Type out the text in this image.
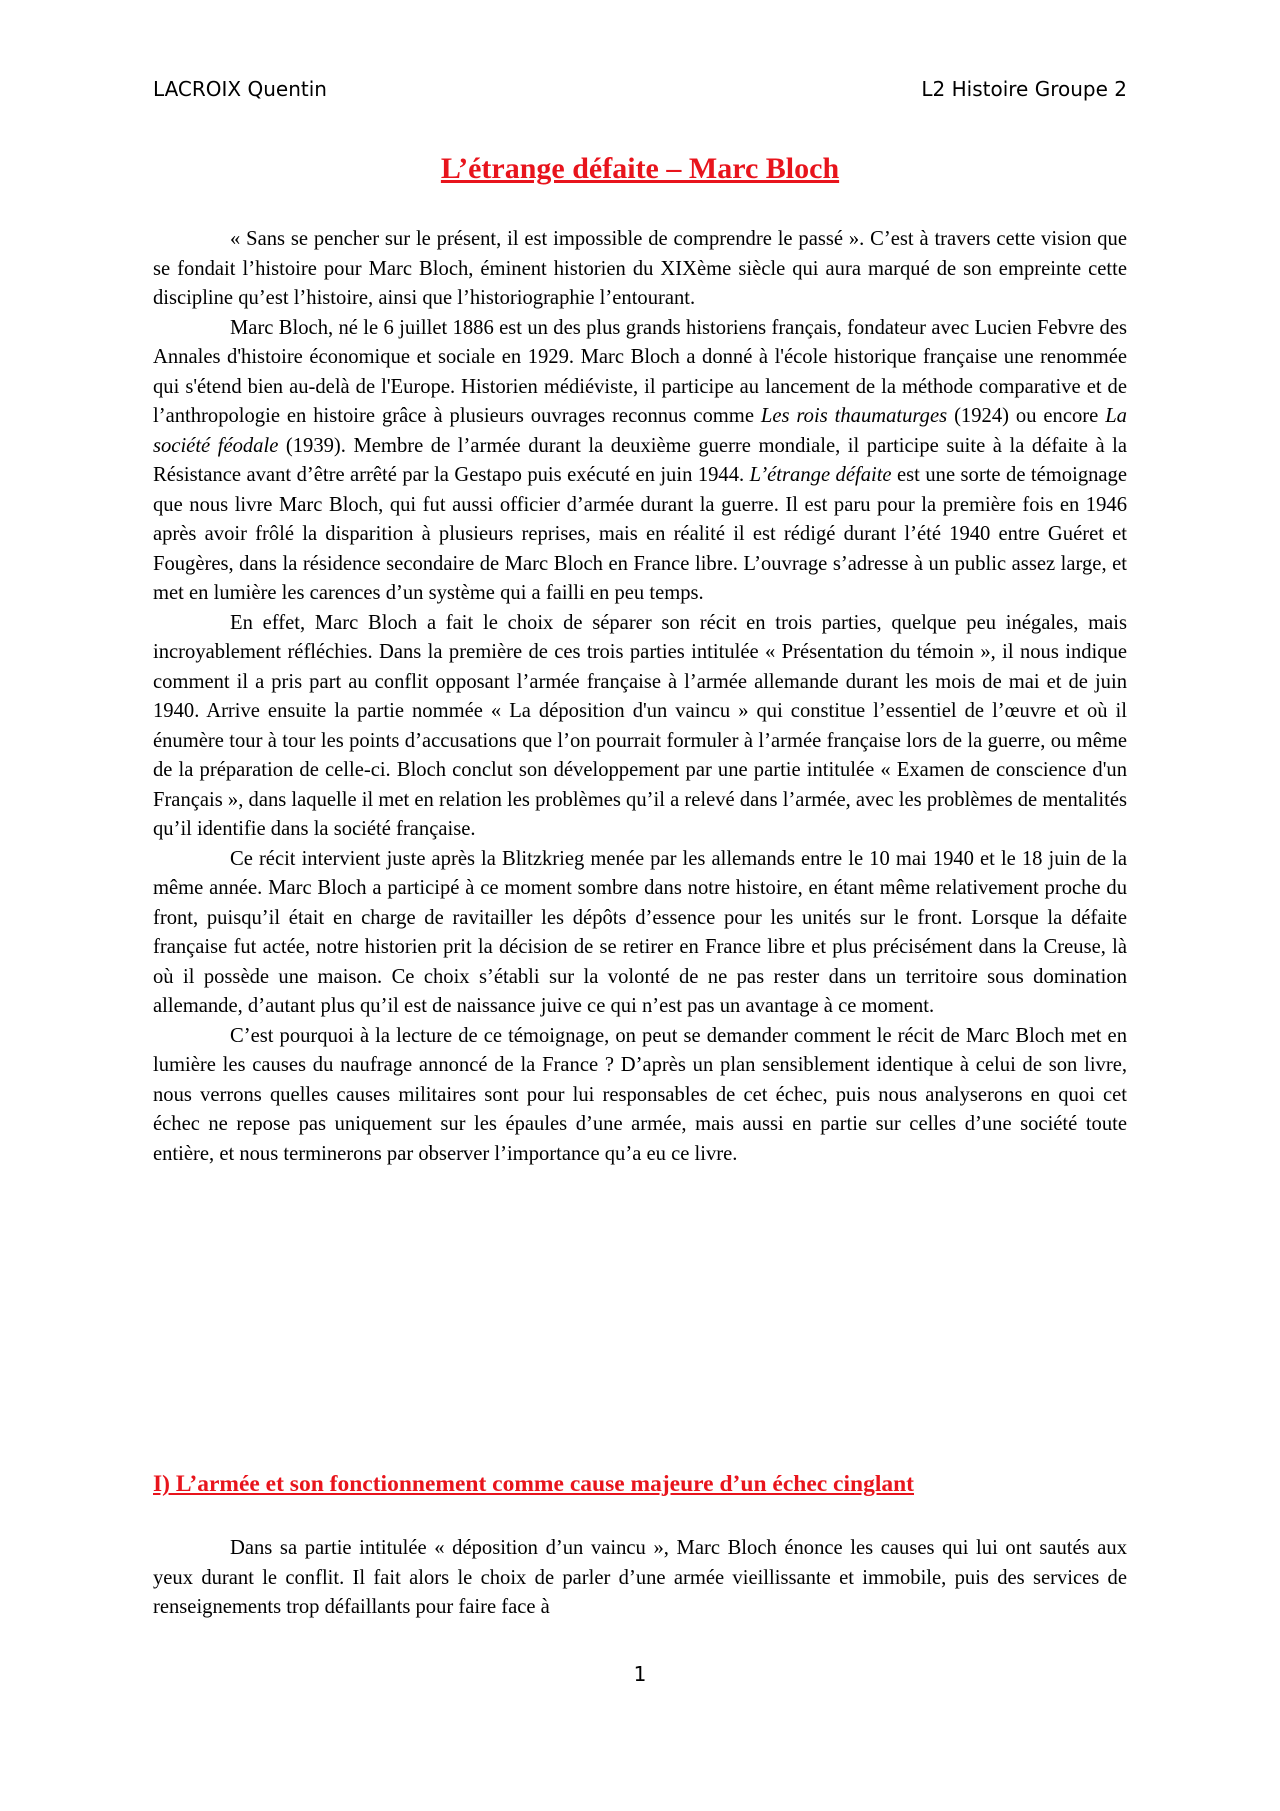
LACROIX Quentin	L2 Histoire Groupe 2
L’étrange défaite – Marc Bloch

« Sans se pencher sur le présent, il est impossible de comprendre le passé ». C’est à travers cette vision que se fondait l’histoire pour Marc Bloch, éminent historien du XIXème siècle qui aura marqué de son empreinte cette discipline qu’est l’histoire, ainsi que l’historiographie l’entourant.

Marc Bloch, né le 6 juillet 1886 est un des plus grands historiens français, fondateur avec Lucien Febvre des Annales d'histoire économique et sociale en 1929. Marc Bloch a donné à l'école historique française une renommée qui s'étend bien au-delà de l'Europe. Historien médiéviste, il participe au lancement de la méthode comparative et de l’anthropologie en histoire grâce à plusieurs ouvrages reconnus comme Les rois thaumaturges (1924) ou encore La société féodale (1939). Membre de l’armée durant la deuxième guerre mondiale, il participe suite à la défaite à la Résistance avant d’être arrêté par la Gestapo puis exécuté en juin 1944. L’étrange défaite est une sorte de témoignage que nous livre Marc Bloch, qui fut aussi officier d’armée durant la guerre. Il est paru pour la première fois en 1946 après avoir frôlé la disparition à plusieurs reprises, mais en réalité il est rédigé durant l’été 1940 entre Guéret et Fougères, dans la résidence secondaire de Marc Bloch en France libre. L’ouvrage s’adresse à un public assez large, et met en lumière les carences d’un système qui a failli en peu temps.

En effet, Marc Bloch a fait le choix de séparer son récit en trois parties, quelque peu inégales, mais incroyablement réfléchies. Dans la première de ces trois parties intitulée « Présentation du témoin », il nous indique comment il a pris part au conflit opposant l’armée française à l’armée allemande durant les mois de mai et de juin 1940. Arrive ensuite la partie nommée « La déposition d'un vaincu » qui constitue l’essentiel de l’œuvre et où il énumère tour à tour les points d’accusations que l’on pourrait formuler à l’armée française lors de la guerre, ou même de la préparation de celle-ci. Bloch conclut son développement par une partie intitulée « Examen de conscience d'un Français », dans laquelle il met en relation les problèmes qu’il a relevé dans l’armée, avec les problèmes de mentalités qu’il identifie dans la société française.

Ce récit intervient juste après la Blitzkrieg menée par les allemands entre le 10 mai 1940 et le 18 juin de la même année. Marc Bloch a participé à ce moment sombre dans notre histoire, en étant même relativement proche du front, puisqu’il était en charge de ravitailler les dépôts d’essence pour les unités sur le front. Lorsque la défaite française fut actée, notre historien prit la décision de se retirer en France libre et plus précisément dans la Creuse, là où il possède une maison. Ce choix s’établi sur la volonté de ne pas rester dans un territoire sous domination allemande, d’autant plus qu’il est de naissance juive ce qui n’est pas un avantage à ce moment.

C’est pourquoi à la lecture de ce témoignage, on peut se demander comment le récit de Marc Bloch met en lumière les causes du naufrage annoncé de la France ? D’après un plan sensiblement identique à celui de son livre, nous verrons quelles causes militaires sont pour lui responsables de cet échec, puis nous analyserons en quoi cet échec ne repose pas uniquement sur les épaules d’une armée, mais aussi en partie sur celles d’une société toute entière, et nous terminerons par observer l’importance qu’a eu ce livre.

I) L’armée et son fonctionnement comme cause majeure d’un échec cinglant

Dans sa partie intitulée « déposition d’un vaincu », Marc Bloch énonce les causes qui lui ont sautés aux yeux durant le conflit. Il fait alors le choix de parler d’une armée vieillissante et immobile, puis des services de renseignements trop défaillants pour faire face à

1
